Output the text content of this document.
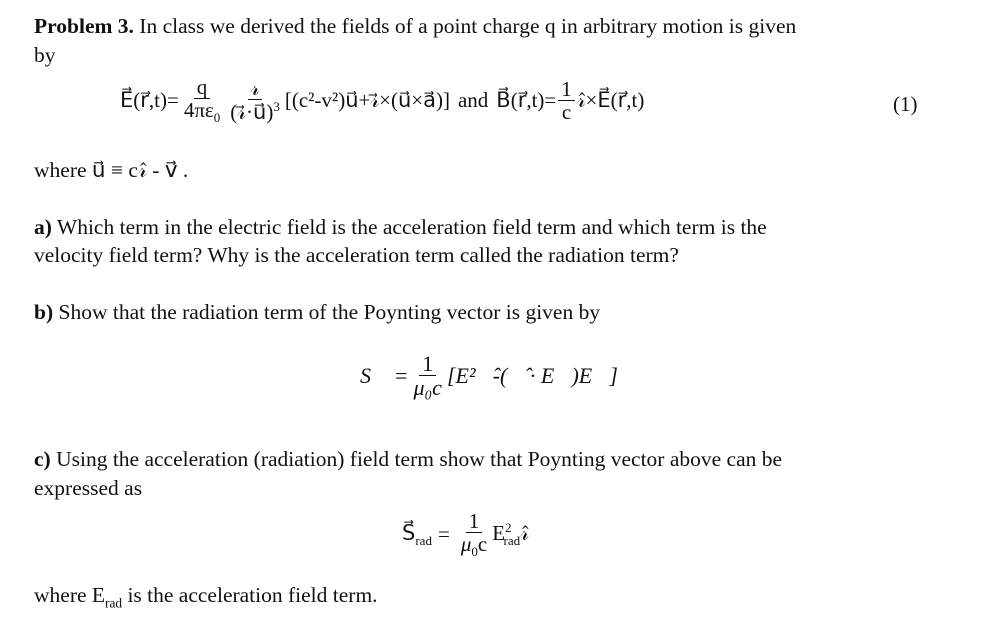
Problem 3. In class we derived the fields of a point charge q in arbitrary motion is given
by
E⃗(r⃗,t)= $\frac{q}{4\pi\varepsilon_0} \frac{\text{𝓇}}{(𝓇⃗\cdot u⃗)^3}$ [(c²-v²)u⃗+𝓇⃗×(u⃗×a⃗)] and B⃗(r⃗,t)= $\frac{1}{c}$ 𝓇̂×E⃗(r⃗,t)	(1)
where u⃗ ≡ c𝓇̂ - v⃗ .
a) Which term in the electric field is the acceleration field term and which term is the
velocity field term? Why is the acceleration term called the radiation term?
b) Show that the radiation term of the Poynting vector is given by
S⃗ = $\frac{1}{\text{μ₀c}}$ [E²𝓇̂-(𝓇̂ · E⃗)E⃗]
c) Using the acceleration (radiation) field term show that Poynting vector above can be
expressed as
$S⃗_{rad} = \frac{1}{\mu_0c}$ $E^2_{rad}𝓇̂$
where $E_{rad}$ is the acceleration field term.
